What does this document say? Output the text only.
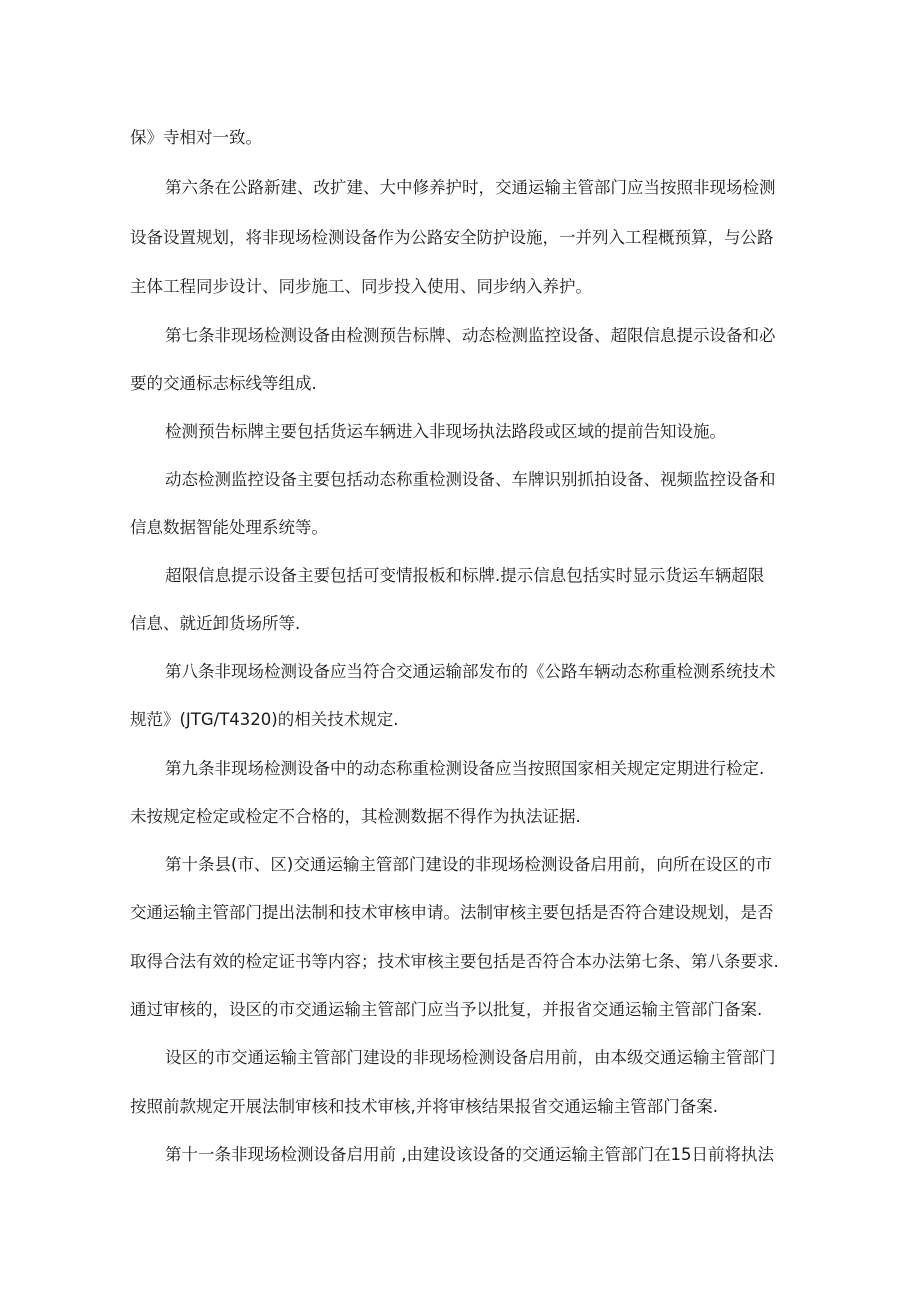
保》寺相对一致。
第六条在公路新建、改扩建、大中修养护时，交通运输主管部门应当按照非现场检测
设备设置规划，将非现场检测设备作为公路安全防护设施，一并列入工程概预算，与公路
主体工程同步设计、同步施工、同步投入使用、同步纳入养护。
第七条非现场检测设备由检测预告标牌、动态检测监控设备、超限信息提示设备和必
要的交通标志标线等组成.
检测预告标牌主要包括货运车辆进入非现场执法路段或区域的提前告知设施。
动态检测监控设备主要包括动态称重检测设备、车牌识别抓拍设备、视频监控设备和
信息数据智能处理系统等。
超限信息提示设备主要包括可变情报板和标牌.提示信息包括实时显示货运车辆超限
信息、就近卸货场所等.
第八条非现场检测设备应当符合交通运输部发布的《公路车辆动态称重检测系统技术
规范》(JTG/T4320)的相关技术规定.
第九条非现场检测设备中的动态称重检测设备应当按照国家相关规定定期进行检定.
未按规定检定或检定不合格的，其检测数据不得作为执法证据.
第十条县(市、区)交通运输主管部门建设的非现场检测设备启用前，向所在设区的市
交通运输主管部门提出法制和技术审核申请。法制审核主要包括是否符合建设规划，是否
取得合法有效的检定证书等内容；技术审核主要包括是否符合本办法第七条、第八条要求.
通过审核的，设区的市交通运输主管部门应当予以批复，并报省交通运输主管部门备案.
设区的市交通运输主管部门建设的非现场检测设备启用前，由本级交通运输主管部门
按照前款规定开展法制审核和技术审核,并将审核结果报省交通运输主管部门备案.
第十一条非现场检测设备启用前 ,由建设该设备的交通运输主管部门在15日前将执法
